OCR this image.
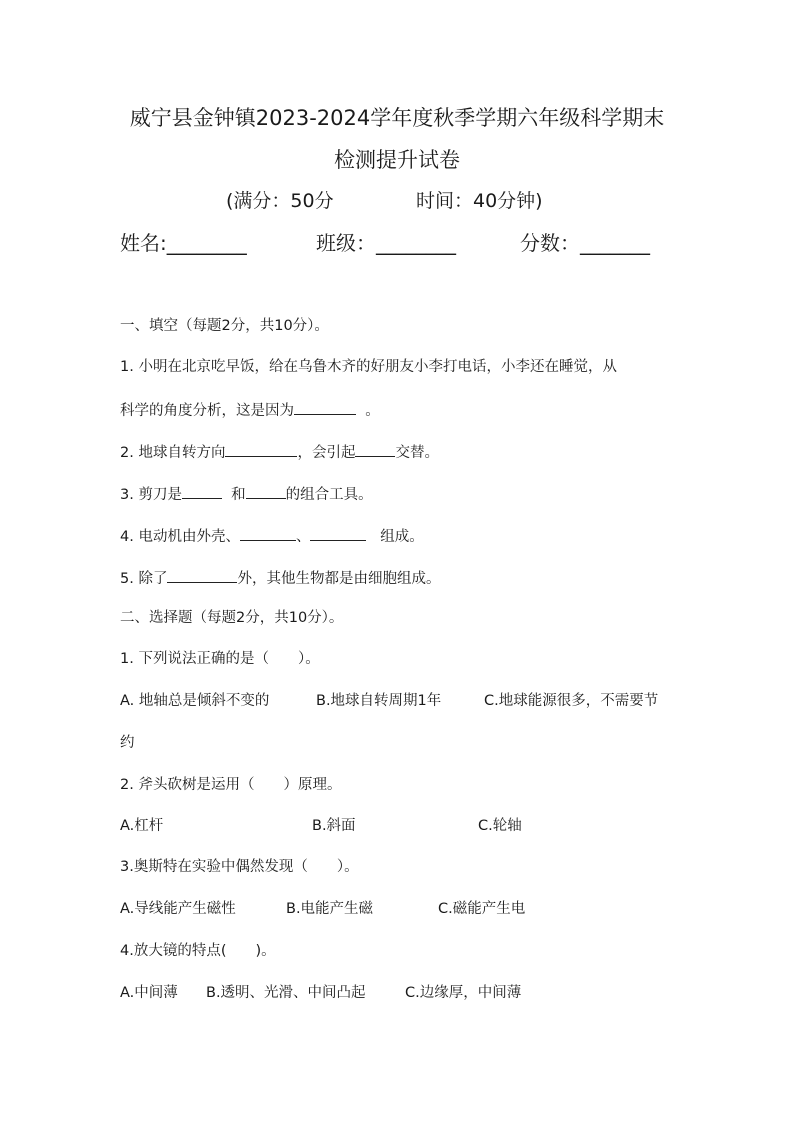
威宁县金钟镇2023-2024学年度秋季学期六年级科学期末
检测提升试卷
(满分：50分	时间：40分钟)
姓名:________	班级：________	分数：_______
一、填空（每题2分，共10分）。
1. 小明在北京吃早饭，给在乌鲁木齐的好朋友小李打电话，小李还在睡觉，从
科学的角度分析，这是因为	。
2. 地球自转方向	，会引起	交替。
3. 剪刀是	和	的组合工具。
4. 电动机由外壳、	、	组成。
5. 除了	外，其他生物都是由细胞组成。
二、选择题（每题2分，共10分）。
1. 下列说法正确的是（　　）。
A. 地轴总是倾斜不变的	B.地球自转周期1年	C.地球能源很多，不需要节
约
2. 斧头砍树是运用（　　）原理。
A.杠杆	B.斜面	C.轮轴
3.奥斯特在实验中偶然发现（　　）。
A.导线能产生磁性	B.电能产生磁	C.磁能产生电
4.放大镜的特点(　　)。
A.中间薄 B.透明、光滑、中间凸起	C.边缘厚，中间薄
